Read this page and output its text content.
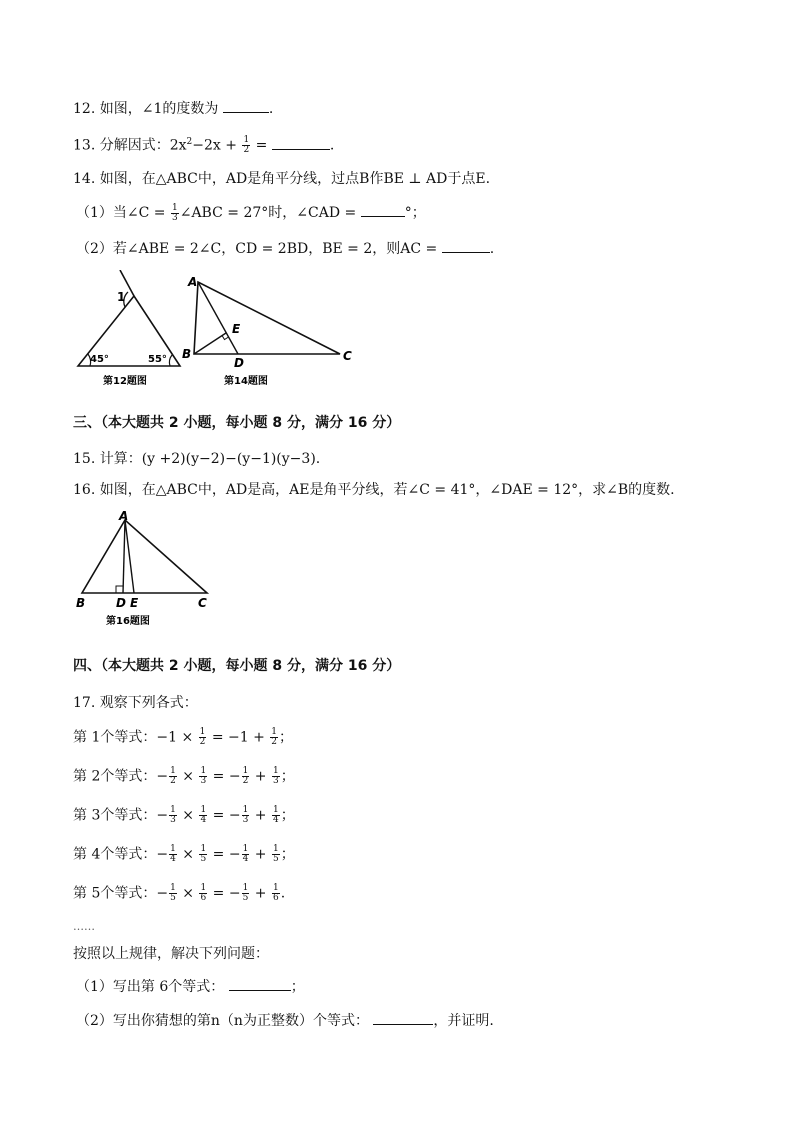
12. 如图，∠1的度数为	.
13. 分解因式：$2x^2-2x + \frac{1}{2}$ =	.
14. 如图，在△ABC中，AD是角平分线，过点B作BE ⊥ AD于点E.
（1）当∠C = $\frac{1}{3}$ ∠ABC = 27°时，∠CAD =	°；
（2）若∠ABE = 2∠C，CD = 2BD，BE = 2，则AC =	.
1
45°	55°
第12题图
A
B	C
D
E
第14题图
三、（本大题共 2 小题，每小题 8 分，满分 16 分）
15. 计算：(y +2)(y−2)−(y−1)(y−3).
16. 如图，在△ABC中，AD是高，AE是角平分线，若∠C = 41°，∠DAE = 12°，求∠B的度数.
A
B	D E	C
第16题图
四、（本大题共 2 小题，每小题 8 分，满分 16 分）
17. 观察下列各式：
第 1个等式：$-1 \times \frac{1}{2} = -1 + \frac{1}{2}$ ；
第 2个等式：− $\frac{1}{2} \times \frac{1}{3}$ = − $\frac{1}{2} + \frac{1}{3}$ ；
第 3个等式：− $\frac{1}{3} \times \frac{1}{4}$ = − $\frac{1}{3} + \frac{1}{4}$ ；
第 4个等式：− $\frac{1}{4} \times \frac{1}{5}$ = − $\frac{1}{4} + \frac{1}{5}$ ；
第 5个等式：− $\frac{1}{5} \times \frac{1}{6}$ = − $\frac{1}{5} + \frac{1}{6}$ .
……
按照以上规律，解决下列问题：
（1）写出第 6个等式：	；
（2）写出你猜想的第n（n为正整数）个等式：	，并证明.
